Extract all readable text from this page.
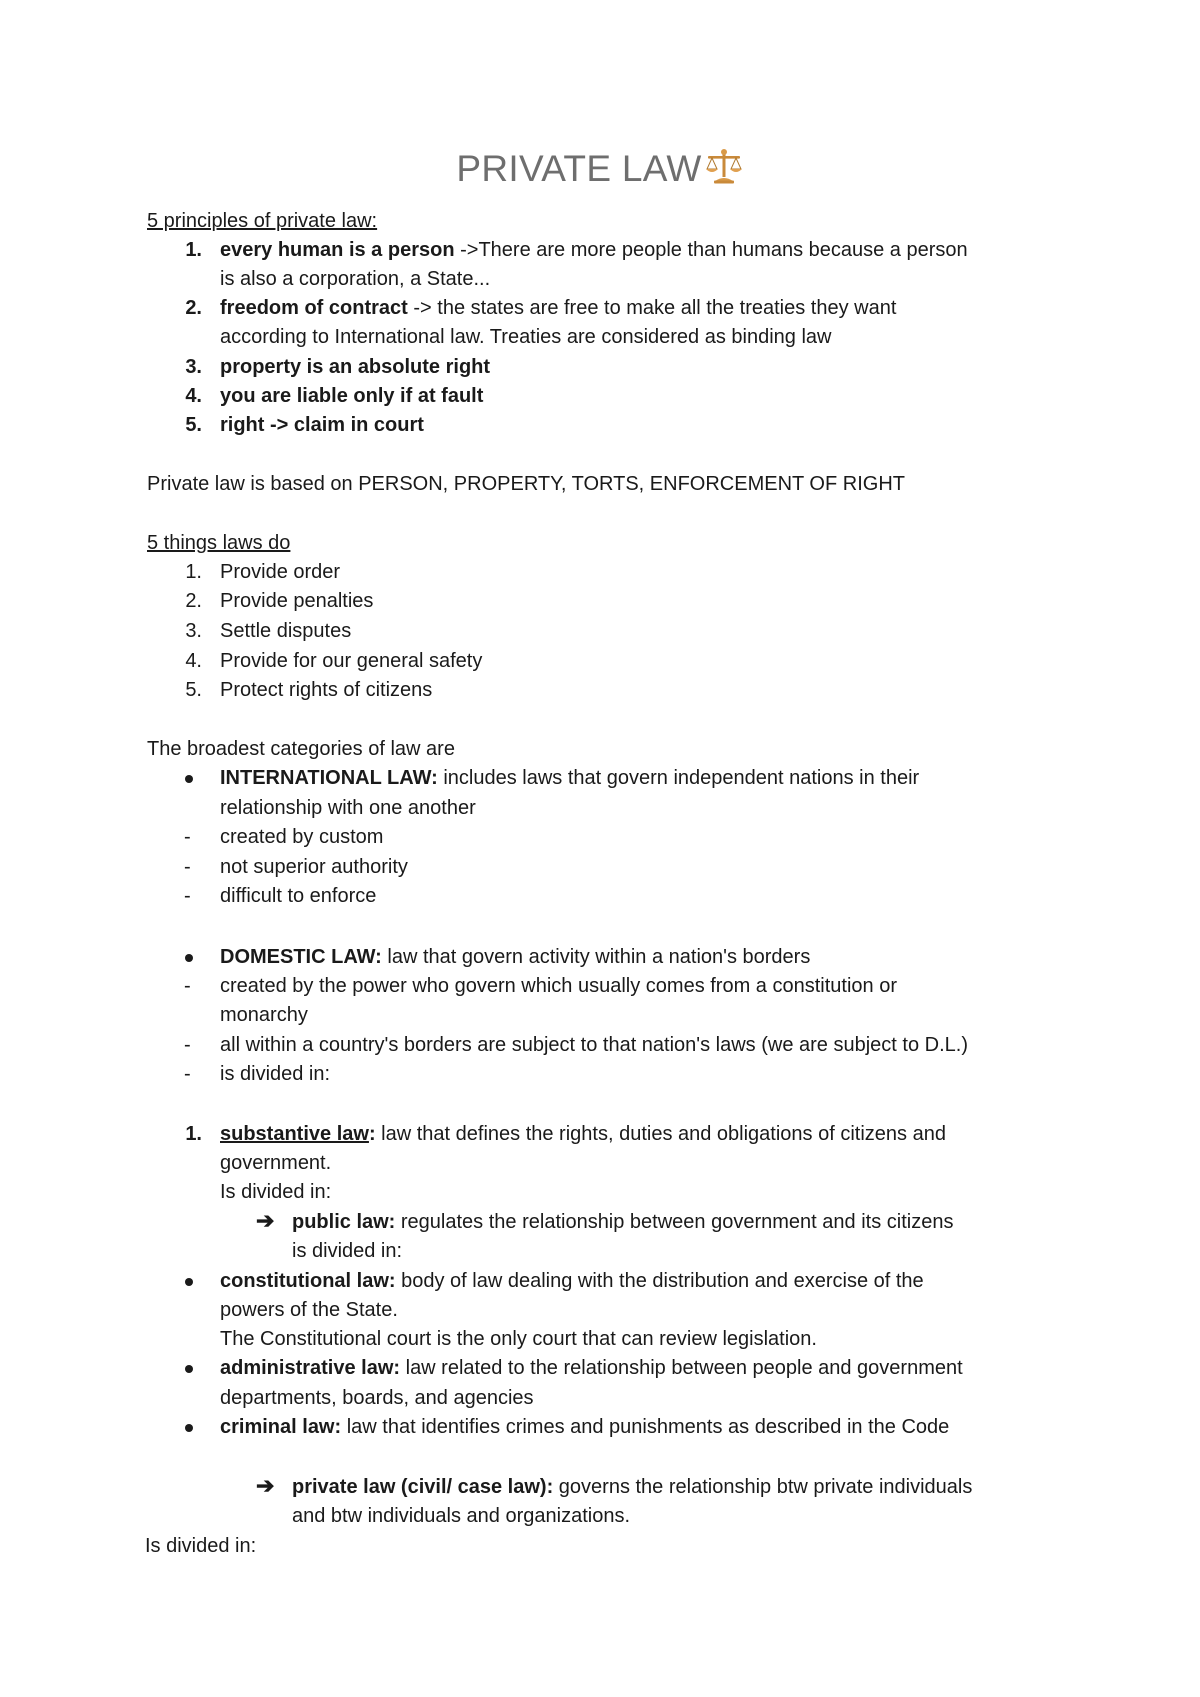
PRIVATE LAW
5 principles of private law:
1. every human is a person ->There are more people than humans because a person
is also a corporation, a State...
2. freedom of contract -> the states are free to make all the treaties they want
according to International law. Treaties are considered as binding law
3. property is an absolute right
4. you are liable only if at fault
5. right -> claim in court
Private law is based on PERSON, PROPERTY, TORTS, ENFORCEMENT OF RIGHT
5 things laws do
1. Provide order
2. Provide penalties
3. Settle disputes
4. Provide for our general safety
5. Protect rights of citizens
The broadest categories of law are
INTERNATIONAL LAW: includes laws that govern independent nations in their
relationship with one another
- created by custom
- not superior authority
- difficult to enforce
DOMESTIC LAW: law that govern activity within a nation's borders
- created by the power who govern which usually comes from a constitution or
monarchy
- all within a country's borders are subject to that nation's laws (we are subject to D.L.)
- is divided in:
1. substantive law: law that defines the rights, duties and obligations of citizens and
government.
Is divided in:
➔ public law: regulates the relationship between government and its citizens
is divided in:
constitutional law: body of law dealing with the distribution and exercise of the
powers of the State.
The Constitutional court is the only court that can review legislation.
administrative law: law related to the relationship between people and government
departments, boards, and agencies
criminal law: law that identifies crimes and punishments as described in the Code
➔ private law (civil/ case law): governs the relationship btw private individuals
and btw individuals and organizations.
Is divided in:
